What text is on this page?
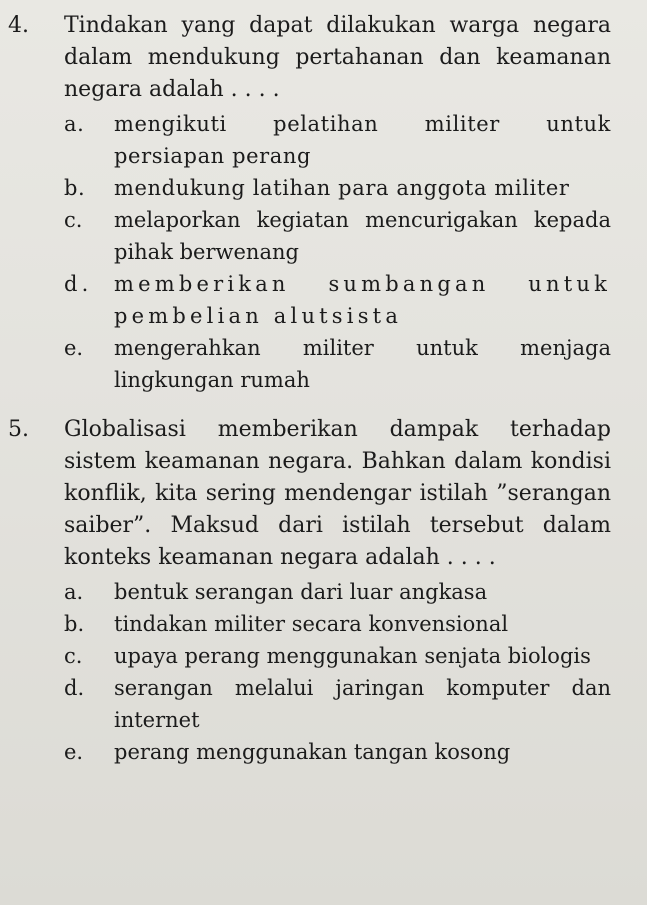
4. Tindakan yang dapat dilakukan warga negara dalam mendukung pertahanan dan keamanan negara adalah . . . .
a. mengikuti pelatihan militer untuk persiapan perang
b. mendukung latihan para anggota militer
c. melaporkan kegiatan mencurigakan kepada pihak berwenang
d. memberikan sumbangan untuk pembelian alutsista
e. mengerahkan militer untuk menjaga lingkungan rumah
5. Globalisasi memberikan dampak terhadap sistem keamanan negara. Bahkan dalam kondisi konflik, kita sering mendengar istilah ”serangan saiber”. Maksud dari istilah tersebut dalam konteks keamanan negara adalah . . . .
a. bentuk serangan dari luar angkasa
b. tindakan militer secara konvensional
c. upaya perang menggunakan senjata biologis
d. serangan melalui jaringan komputer dan internet
e. perang menggunakan tangan kosong
